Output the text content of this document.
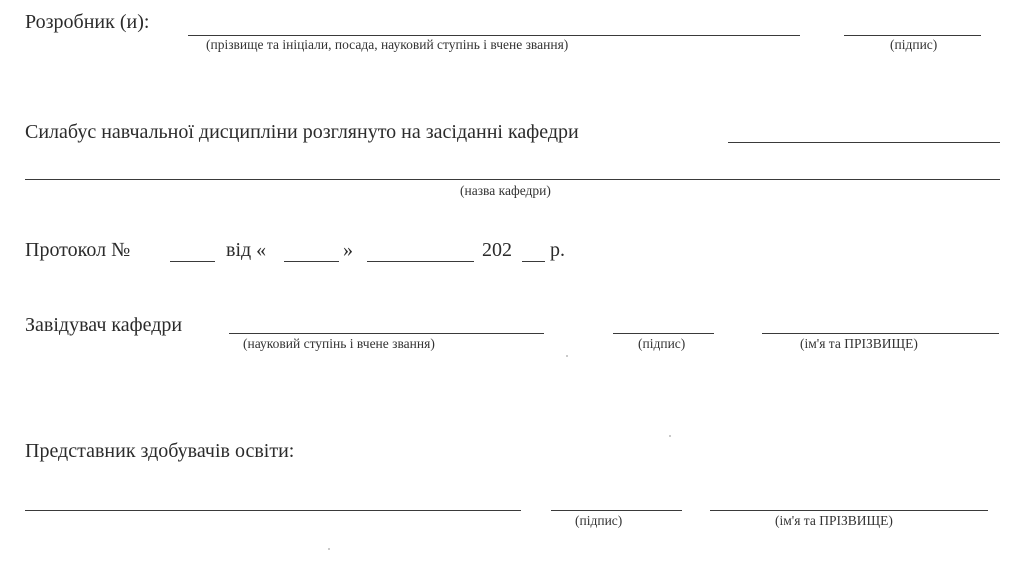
Розробник (и):
(прізвище та ініціали, посада, науковий ступінь і вчене звання)	(підпис)
Силабус навчальної дисципліни розглянуто на засіданні кафедри
(назва кафедри)
Протокол №	від «	»	202 р.
Завідувач кафедри
(науковий ступінь і вчене звання)	(підпис)	(ім'я та ПРІЗВИЩЕ)
Представник здобувачів освіти:
(підпис)	(ім'я та ПРІЗВИЩЕ)
